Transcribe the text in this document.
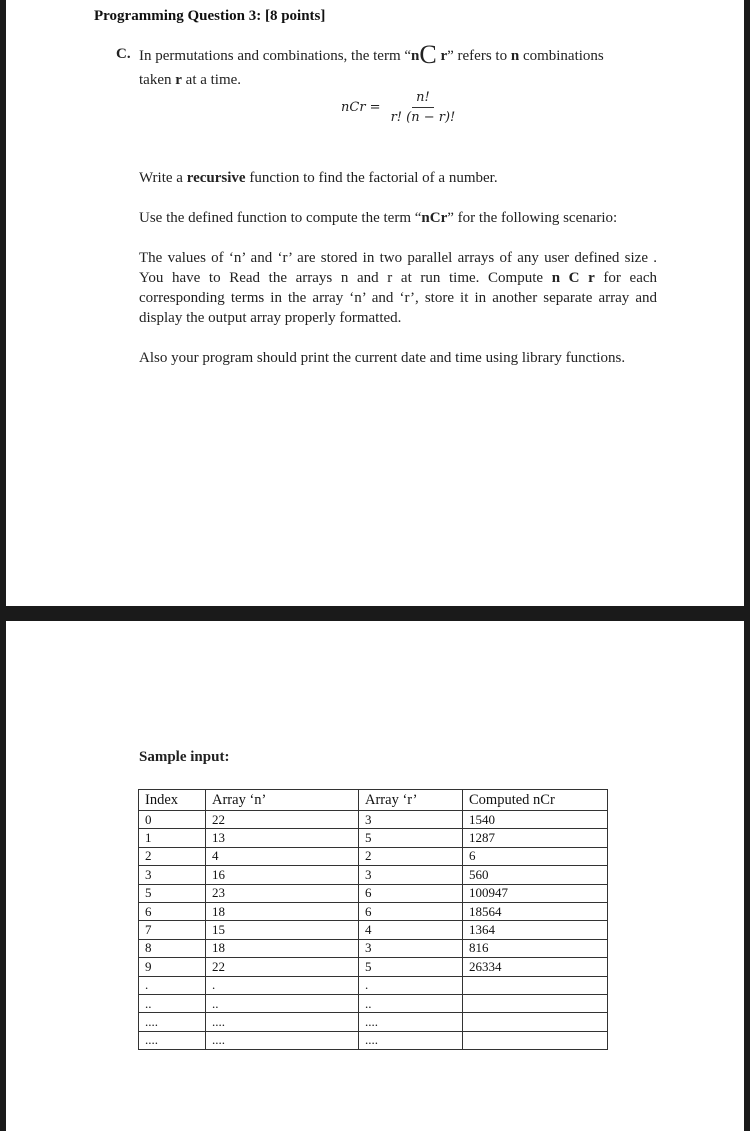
Programming Question 3: [8 points]
C. In permutations and combinations, the term “nC r” refers to n combinations
taken r at a time.
nCr = $\frac{n!}{r! (n - r)!}$
Write a recursive function to find the factorial of a number.
Use the defined function to compute the term “nCr” for the following scenario:
The values of ‘n’ and ‘r’ are stored in two parallel arrays of any user defined size . You have to Read the arrays n and r at run time. Compute n C r for each corresponding terms in the array ‘n’ and ‘r’, store it in another separate array and display the output array properly formatted.
Also your program should print the current date and time using library functions.
Sample input:
Index	Array ‘n’	Array ‘r’	Computed nCr
0	22	3	1540
1	13	5	1287
2	4	2	6
3	16	3	560
5	23	6	100947
6	18	6	18564
7	15	4	1364
8	18	3	816
9	22	5	26334
.	.	.	
..	..	..	
....	....	....	
....	....	....	
